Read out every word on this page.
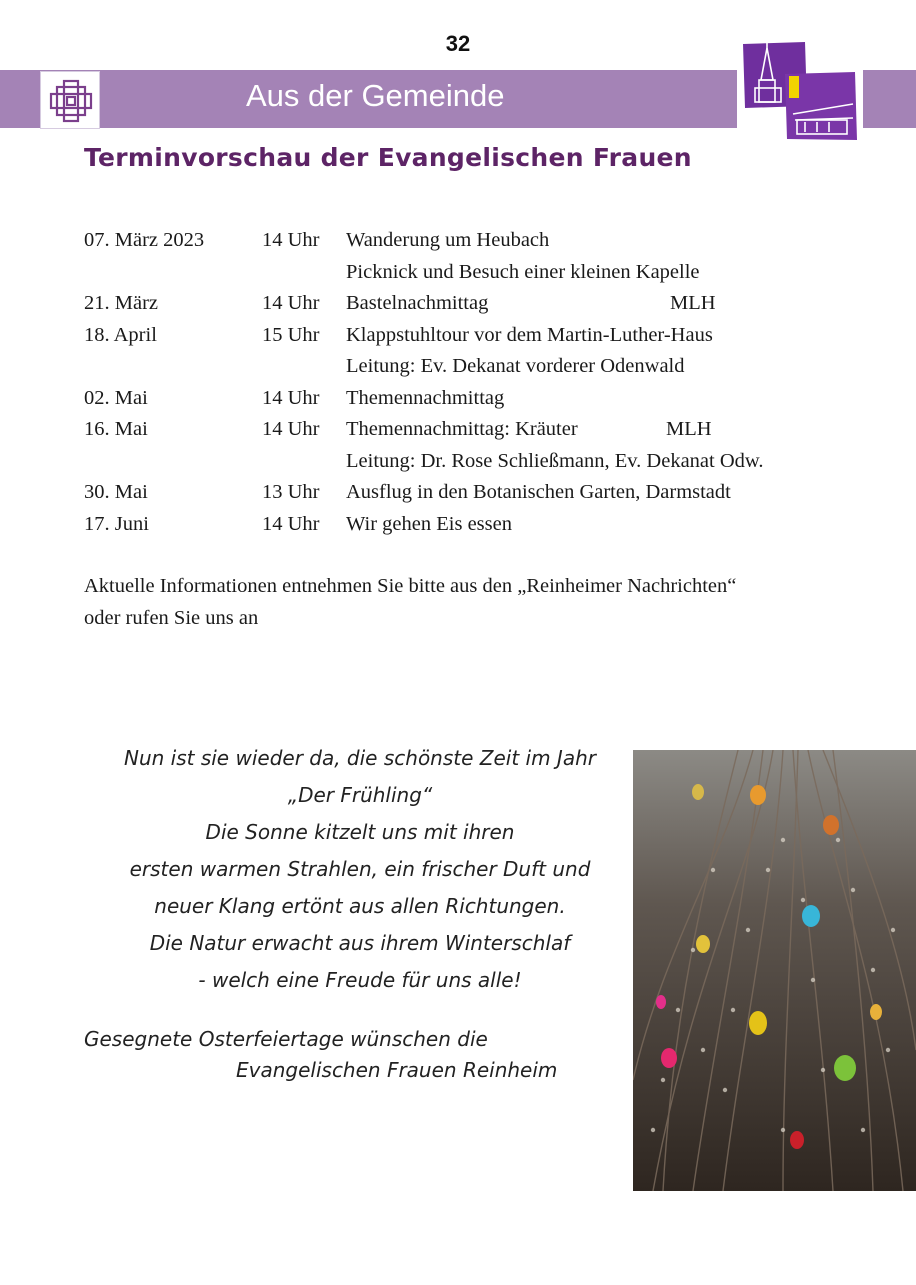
32
Aus der Gemeinde
Terminvorschau der Evangelischen Frauen
07. März 2023	14 Uhr Wanderung um Heubach
Picknick und Besuch einer kleinen Kapelle
21. März	14 Uhr Bastelnachmittag	MLH
18. April	15 Uhr Klappstuhltour vor dem Martin-Luther-Haus
Leitung: Ev. Dekanat vorderer Odenwald
02. Mai	14 Uhr Themennachmittag
16. Mai	14 Uhr Themennachmittag: Kräuter	MLH
Leitung: Dr. Rose Schließmann, Ev. Dekanat Odw.
30. Mai	13 Uhr Ausflug in den Botanischen Garten, Darmstadt
17. Juni	14 Uhr Wir gehen Eis essen
Aktuelle Informationen entnehmen Sie bitte aus den „Reinheimer Nachrichten“
oder rufen Sie uns an
Nun ist sie wieder da, die schönste Zeit im Jahr
„Der Frühling“
Die Sonne kitzelt uns mit ihren
ersten warmen Strahlen, ein frischer Duft und
neuer Klang ertönt aus allen Richtungen.
Die Natur erwacht aus ihrem Winterschlaf
- welch eine Freude für uns alle!
Gesegnete Osterfeiertage wünschen die
Evangelischen Frauen Reinheim
